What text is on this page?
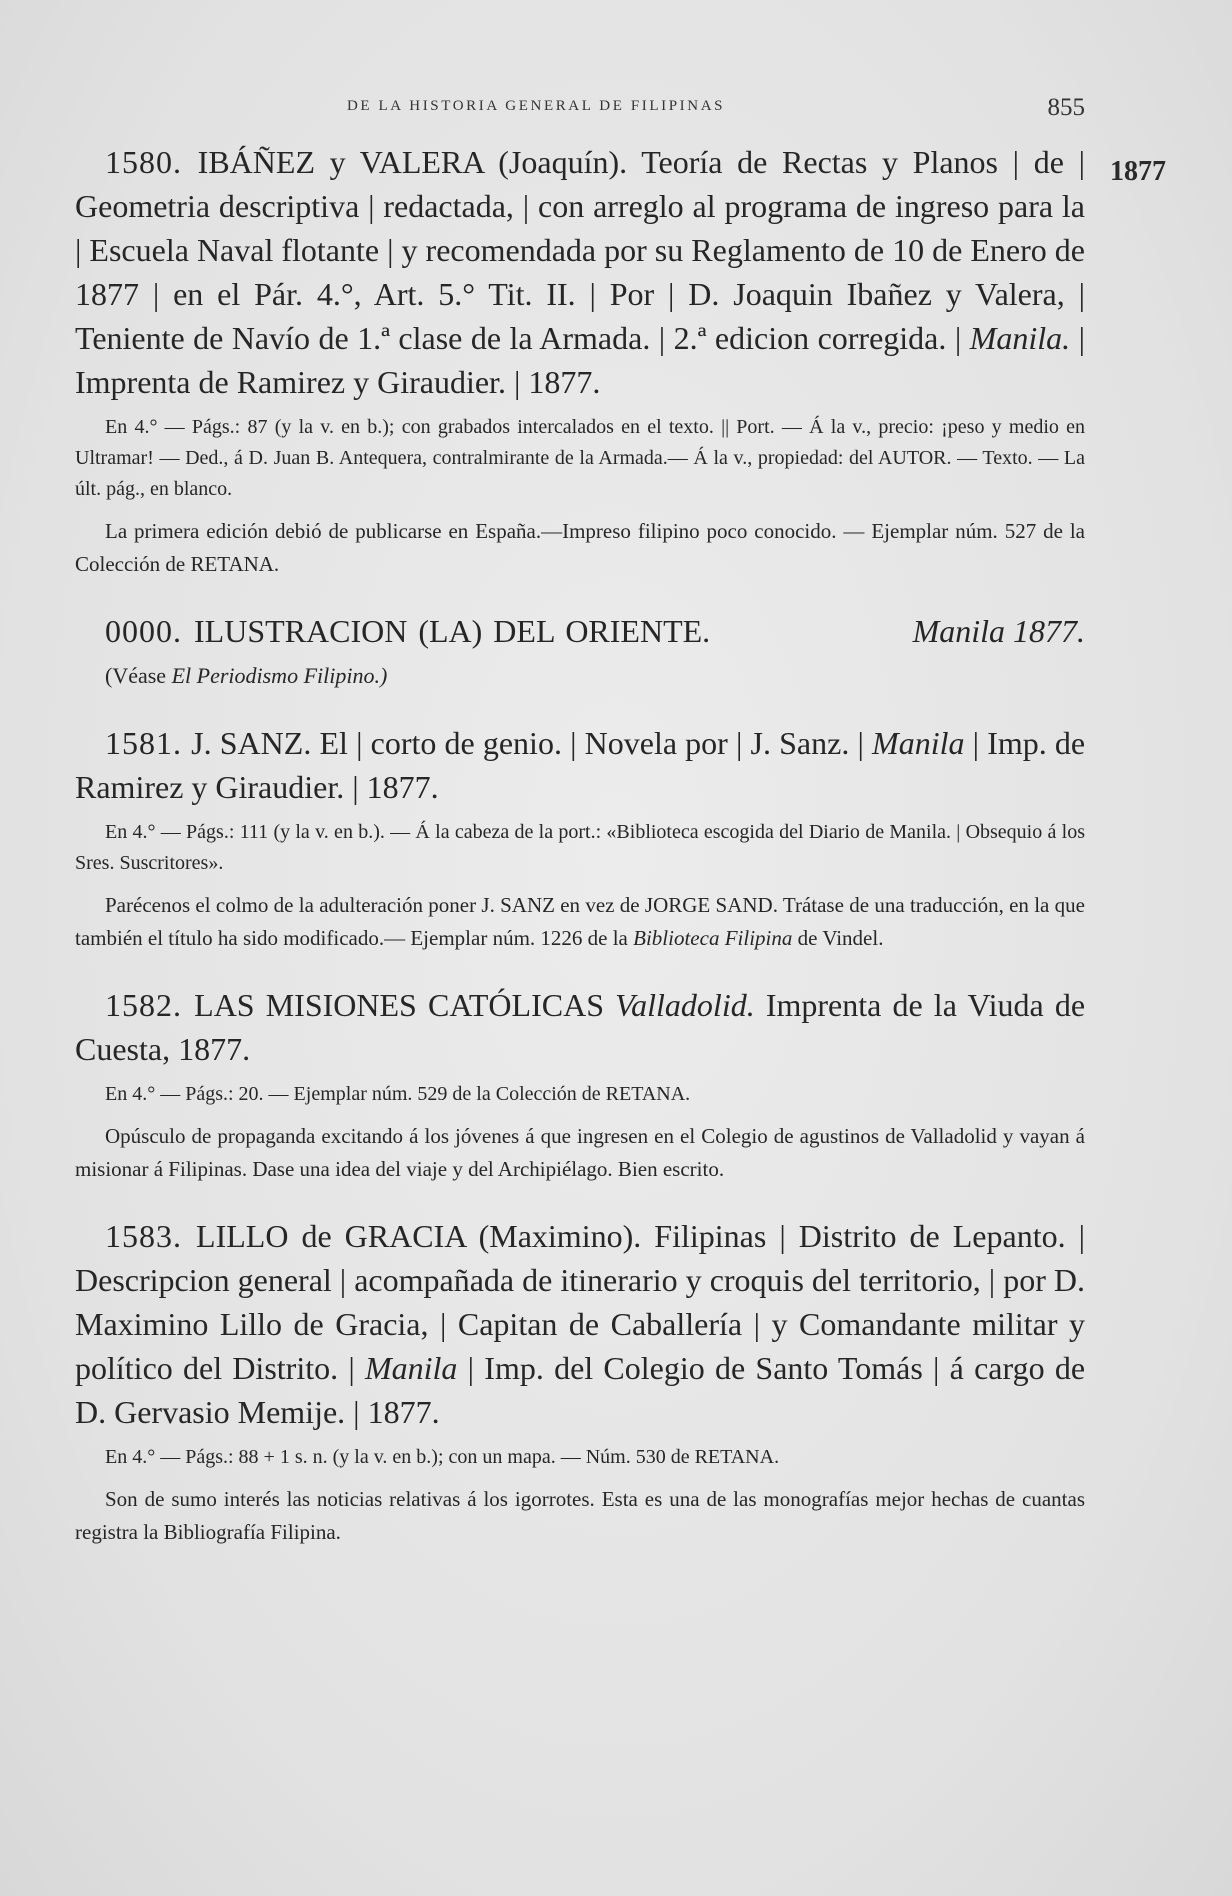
DE LA HISTORIA GENERAL DE FILIPINAS	855
1877

1580. IBÁÑEZ y VALERA (Joaquín). Teoría de Rectas y Planos | de | Geometria descriptiva | redactada, | con arreglo al programa de ingreso para la | Escuela Naval flotante | y recomendada por su Reglamento de 10 de Enero de 1877 | en el Pár. 4.°, Art. 5.° Tit. II. | Por | D. Joaquin Ibañez y Valera, | Teniente de Navío de 1.ª clase de la Armada. | 2.ª edicion corregida. | Manila. | Imprenta de Ramirez y Giraudier. | 1877.

En 4.° — Págs.: 87 (y la v. en b.); con grabados intercalados en el texto. || Port. — Á la v., precio: ¡peso y medio en Ultramar! — Ded., á D. Juan B. Antequera, contralmirante de la Armada.— Á la v., propiedad: del AUTOR. — Texto. — La últ. pág., en blanco.

La primera edición debió de publicarse en España.—Impreso filipino poco conocido. — Ejemplar núm. 527 de la Colección de RETANA.

0000. ILUSTRACION (LA) DEL ORIENTE.	Manila 1877.

(Véase El Periodismo Filipino.)

1581. J. SANZ. El | corto de genio. | Novela por | J. Sanz. | Manila | Imp. de Ramirez y Giraudier. | 1877.

En 4.° — Págs.: 111 (y la v. en b.). — Á la cabeza de la port.: «Biblioteca escogida del Diario de Manila. | Obsequio á los Sres. Suscritores».

Parécenos el colmo de la adulteración poner J. SANZ en vez de JORGE SAND. Trátase de una traducción, en la que también el título ha sido modificado.— Ejemplar núm. 1226 de la Biblioteca Filipina de Vindel.

1582. LAS MISIONES CATÓLICAS Valladolid. Imprenta de la Viuda de Cuesta, 1877.

En 4.° — Págs.: 20. — Ejemplar núm. 529 de la Colección de RETANA.

Opúsculo de propaganda excitando á los jóvenes á que ingresen en el Colegio de agustinos de Valladolid y vayan á misionar á Filipinas. Dase una idea del viaje y del Archipiélago. Bien escrito.

1583. LILLO de GRACIA (Maximino). Filipinas | Distrito de Lepanto. | Descripcion general | acompañada de itinerario y croquis del territorio, | por D. Maximino Lillo de Gracia, | Capitan de Caballería | y Comandante militar y político del Distrito. | Manila | Imp. del Colegio de Santo Tomás | á cargo de D. Gervasio Memije. | 1877.

En 4.° — Págs.: 88 + 1 s. n. (y la v. en b.); con un mapa. — Núm. 530 de RETANA.

Son de sumo interés las noticias relativas á los igorrotes. Esta es una de las monografías mejor hechas de cuantas registra la Bibliografía Filipina.
